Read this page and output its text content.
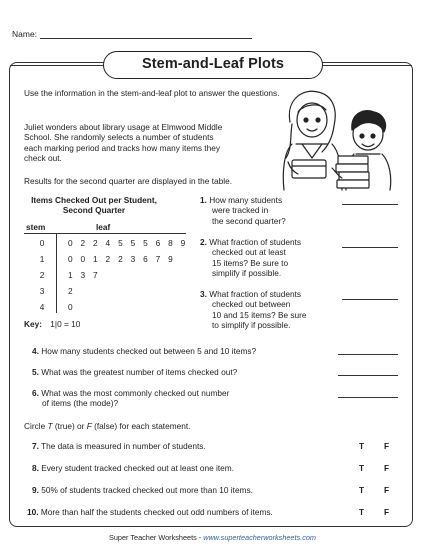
Name:
Stem-and-Leaf Plots
Use the information in the stem-and-leaf plot to answer the questions.
Juliet wonders about library usage at Elmwood Middle School. She randomly selects a number of students each marking period and tracks how many items they check out.
Results for the second quarter are displayed in the table.
Items Checked Out per Student,
Second Quarter
stem	leaf
0	0 2 2 4 5 5 5 6 8 9
1	0 0 1 2 2 3 6 7 9
2	1 3 7
3	2
4	0
Key: 1|0 = 10
1. How many students
were tracked in
the second quarter?
2. What fraction of students
checked out at least
15 items? Be sure to
simplify if possible.
3. What fraction of students
checked out between
10 and 15 items? Be sure
to simplify if possible.
4. How many students checked out between 5 and 10 items?
5. What was the greatest number of items checked out?
6. What was the most commonly checked out number
of items (the mode)?
Circle T (true) or F (false) for each statement.
7. The data is measured in number of students.	T F
8. Every student tracked checked out at least one item.	T F
9. 50% of students tracked checked out more than 10 items.	T F
10. More than half the students checked out odd numbers of items.	T F
Super Teacher Worksheets - www.superteacherworksheets.com
